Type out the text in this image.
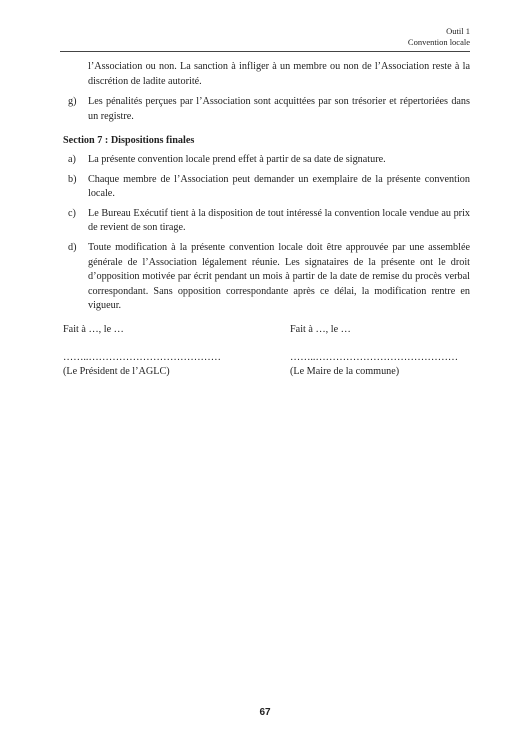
Outil 1
Convention locale
l’Association ou non. La sanction à infliger à un membre ou non de l’Association reste à la discrétion de ladite autorité.
g) Les pénalités perçues par l’Association sont acquittées par son trésorier et répertoriées dans un registre.
Section 7 : Dispositions finales
a) La présente convention locale prend effet à partir de sa date de signature.
b) Chaque membre de l’Association peut demander un exemplaire de la présente convention locale.
c) Le Bureau Exécutif tient à la disposition de tout intéressé la convention locale vendue au prix de revient de son tirage.
d) Toute modification à la présente convention locale doit être approuvée par une assemblée générale de l’Association légalement réunie. Les signataires de la présente ont le droit d’opposition motivée par écrit pendant un mois à partir de la date de remise du procès verbal correspondant. Sans opposition correspondante après ce délai, la modification rentre en vigueur.
Fait à …, le …
……..…………………………………
(Le Président de l’AGLC)
Fait à …, le …
……..……………………………………
(Le Maire de la commune)
67
